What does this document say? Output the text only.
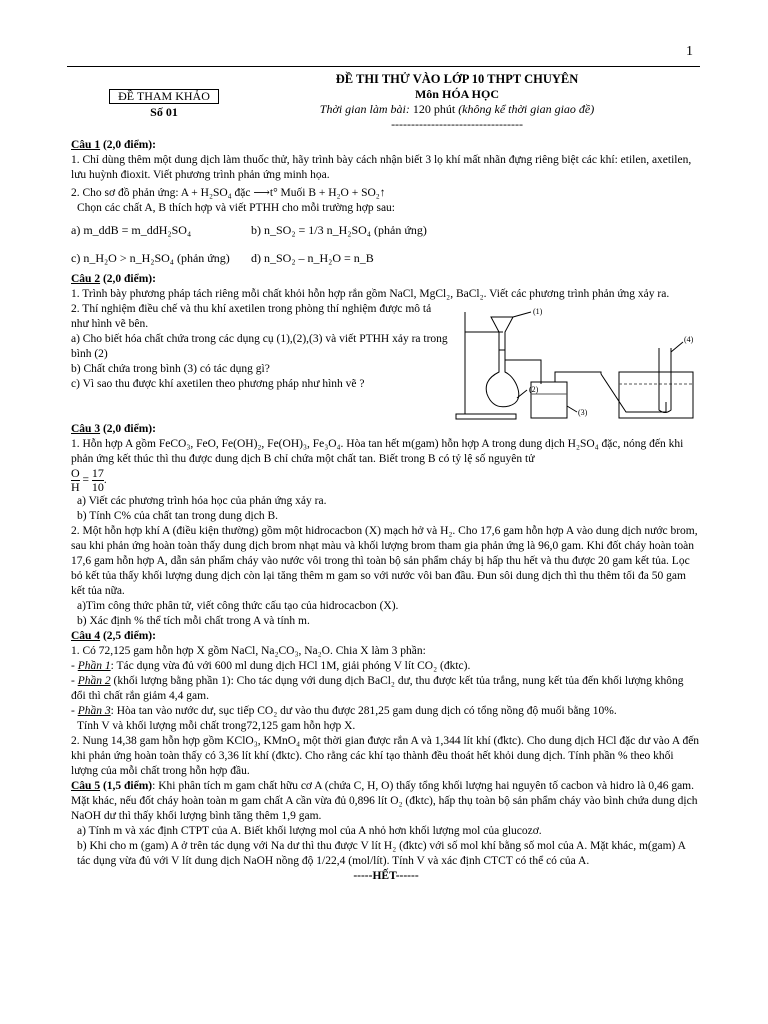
1
ĐỀ THAM KHẢO
Số 01
ĐỀ THI THỬ VÀO LỚP 10 THPT CHUYÊN
Môn HÓA HỌC
Thời gian làm bài: 120 phút (không kể thời gian giao đề)
---------------------------------

Câu 1 (2,0 điểm):

1. Chỉ dùng thêm một dung dịch làm thuốc thử, hãy trình bày cách nhận biết 3 lọ khí mất nhãn đựng riêng biệt các khí: etilen, axetilen, lưu huỳnh đioxit. Viết phương trình phản ứng minh họa.

2. Cho sơ đồ phản ứng: A + H₂SO₄ đặc ⟶t° Muối B + H₂O + SO₂↑

Chọn các chất A, B thích hợp và viết PTHH cho mỗi trường hợp sau:

a) m_ddB = m_ddH₂SO₄	b) n_SO₂ = 1/3 n_H₂SO₄ (phản ứng)
c) n_H₂O > n_H₂SO₄ (phản ứng)	d) n_SO₂ – n_H₂O = n_B

Câu 2 (2,0 điểm):

1. Trình bày phương pháp tách riêng mỗi chất khỏi hỗn hợp rắn gồm NaCl, MgCl₂, BaCl₂. Viết các phương trình phản ứng xảy ra.

2. Thí nghiệm điều chế và thu khí axetilen trong phòng thí nghiệm được mô tả như hình vẽ bên.

a) Cho biết hóa chất chứa trong các dụng cụ (1),(2),(3) và viết PTHH xảy ra trong bình (2)

b) Chất chứa trong bình (3) có tác dụng gì?

c) Vì sao thu được khí axetilen theo phương pháp như hình vẽ ?

(1)
(2)
(3)
(4)

Câu 3 (2,0 điểm):

1. Hỗn hợp A gồm FeCO₃, FeO, Fe(OH)₂, Fe(OH)₃, Fe₃O₄. Hòa tan hết m(gam) hỗn hợp A trong dung dịch H₂SO₄ đặc, nóng đến khi phản ứng kết thúc thì thu được dung dịch B chỉ chứa một chất tan. Biết trong B có tỷ lệ số nguyên tử

$\frac{O}{H} = \frac{17}{10}$ .

a) Viết các phương trình hóa học của phản ứng xảy ra.

b) Tính C% của chất tan trong dung dịch B.

2. Một hỗn hợp khí A (điều kiện thường) gồm một hidrocacbon (X) mạch hở và H₂. Cho 17,6 gam hỗn hợp A vào dung dịch nước brom, sau khi phản ứng hoàn toàn thấy dung dịch brom nhạt màu và khối lượng brom tham gia phản ứng là 96,0 gam. Khi đốt cháy hoàn toàn 17,6 gam hỗn hợp A, dẫn sản phẩm cháy vào nước vôi trong thì toàn bộ sản phẩm cháy bị hấp thu hết và thu được 20 gam kết tủa. Lọc bỏ kết tủa thấy khối lượng dung dịch còn lại tăng thêm m gam so với nước vôi ban đầu. Đun sôi dung dịch thì thu thêm tối đa 50 gam kết tủa nữa.

a)Tìm công thức phân tử, viết công thức cấu tạo của hidrocacbon (X).

b) Xác định % thể tích mỗi chất trong A và tính m.

Câu 4 (2,5 điểm):

1. Có 72,125 gam hỗn hợp X gồm NaCl, Na₂CO₃, Na₂O. Chia X làm 3 phần:

- Phần 1: Tác dụng vừa đủ với 600 ml dung dịch HCl 1M, giải phóng V lít CO₂ (đktc).

- Phần 2 (khối lượng bằng phần 1): Cho tác dụng với dung dịch BaCl₂ dư, thu được kết tủa trắng, nung kết tủa đến khối lượng không đổi thì chất rắn giảm 4,4 gam.

- Phần 3: Hòa tan vào nước dư, sục tiếp CO₂ dư vào thu được 281,25 gam dung dịch có tổng nồng độ muối bằng 10%.

Tính V và khối lượng mỗi chất trong72,125 gam hỗn hợp X.

2. Nung 14,38 gam hỗn hợp gồm KClO₃, KMnO₄ một thời gian được rắn A và 1,344 lít khí (đktc). Cho dung dịch HCl đặc dư vào A đến khi phản ứng hoàn toàn thấy có 3,36 lít khí (đktc). Cho rằng các khí tạo thành đều thoát hết khỏi dung dịch. Tính phần % theo khối lượng của mỗi chất trong hỗn hợp đầu.

Câu 5 (1,5 điểm): Khi phân tích m gam chất hữu cơ A (chứa C, H, O) thấy tổng khối lượng hai nguyên tố cacbon và hidro là 0,46 gam. Mặt khác, nếu đốt cháy hoàn toàn m gam chất A cần vừa đủ 0,896 lít O₂ (đktc), hấp thụ toàn bộ sản phẩm cháy vào bình chứa dung dịch NaOH dư thì thấy khối lượng bình tăng thêm 1,9 gam.

a) Tính m và xác định CTPT của A. Biết khối lượng mol của A nhỏ hơn khối lượng mol của glucozơ.

b) Khi cho m (gam) A ở trên tác dụng với Na dư thì thu được V lít H₂ (đktc) với số mol khí bằng số mol của A. Mặt khác, m(gam) A tác dụng vừa đủ với V lít dung dịch NaOH nồng độ 1/22,4 (mol/lít). Tính V và xác định CTCT có thể có của A.

-----HẾT------
